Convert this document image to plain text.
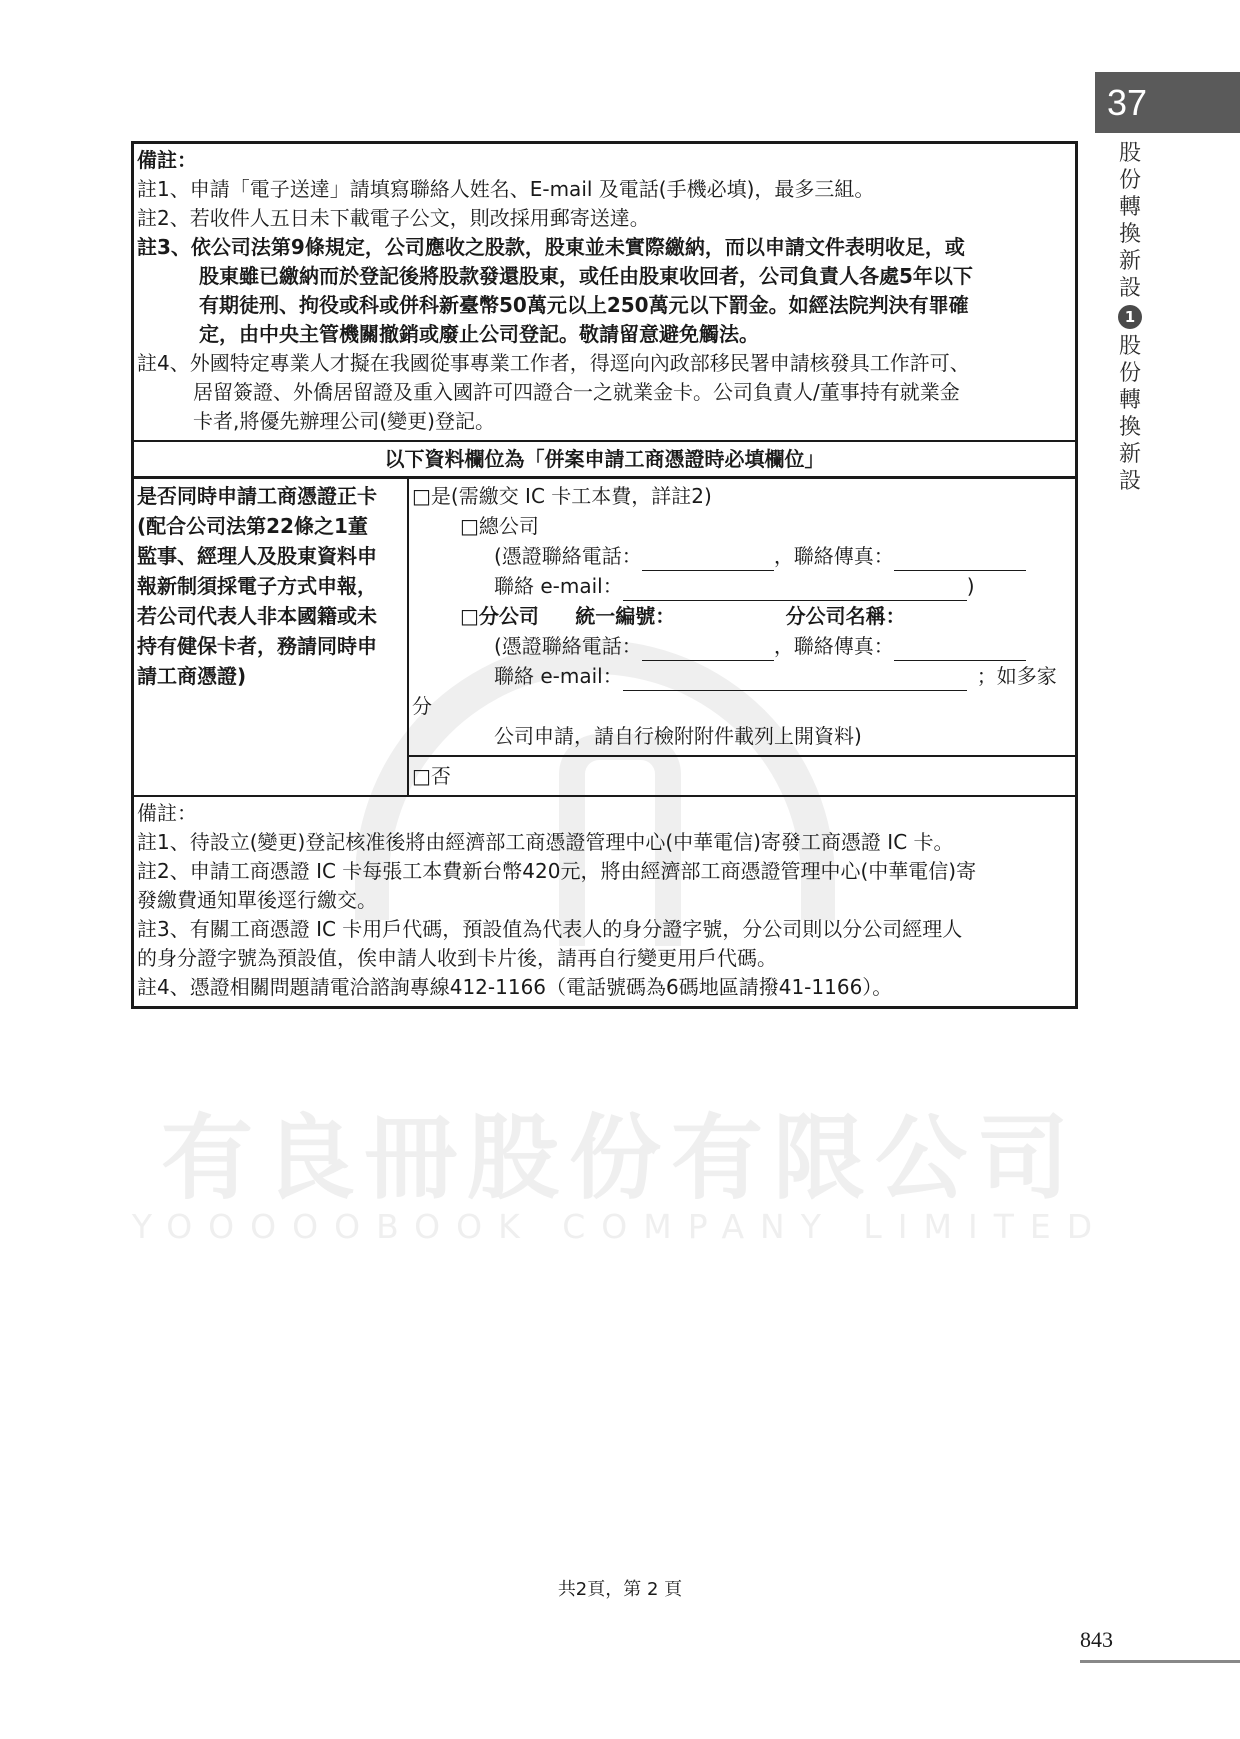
有良冊股份有限公司
YOOOOOBOOK COMPANY LIMITED
37
股
份
轉
換
新
設
1
股
份
轉
換
新
設
備註：
註1、申請「電子送達」請填寫聯絡人姓名、E-mail 及電話(手機必填)，最多三組。
註2、若收件人五日未下載電子公文，則改採用郵寄送達。
註3、依公司法第9條規定，公司應收之股款，股東並未實際繳納，而以申請文件表明收足，或
股東雖已繳納而於登記後將股款發還股東，或任由股東收回者，公司負責人各處5年以下
有期徒刑、拘役或科或併科新臺幣50萬元以上250萬元以下罰金。如經法院判決有罪確
定，由中央主管機關撤銷或廢止公司登記。敬請留意避免觸法。
註4、外國特定專業人才擬在我國從事專業工作者，得逕向內政部移民署申請核發具工作許可、
居留簽證、外僑居留證及重入國許可四證合一之就業金卡。公司負責人/董事持有就業金
卡者,將優先辦理公司(變更)登記。
以下資料欄位為「併案申請工商憑證時必填欄位」
是否同時申請工商憑證正卡
(配合公司法第22條之1董
監事、經理人及股東資料申
報新制須採電子方式申報，
若公司代表人非本國籍或未
持有健保卡者，務請同時申
請工商憑證)
□是(需繳交 IC 卡工本費，詳註2)
□總公司
(憑證聯絡電話：	，聯絡傳真：
聯絡 e-mail：	)
□分公司 統一編號：	分公司名稱：
(憑證聯絡電話：	，聯絡傳真：
聯絡 e-mail：	；如多家
分
公司申請，請自行檢附附件載列上開資料)
□否
備註：
註1、待設立(變更)登記核准後將由經濟部工商憑證管理中心(中華電信)寄發工商憑證 IC 卡。
註2、申請工商憑證 IC 卡每張工本費新台幣420元，將由經濟部工商憑證管理中心(中華電信)寄
發繳費通知單後逕行繳交。
註3、有關工商憑證 IC 卡用戶代碼，預設值為代表人的身分證字號，分公司則以分公司經理人
的身分證字號為預設值，俟申請人收到卡片後，請再自行變更用戶代碼。
註4、憑證相關問題請電洽諮詢專線412-1166（電話號碼為6碼地區請撥41-1166）。
共2頁，第 2 頁
843
